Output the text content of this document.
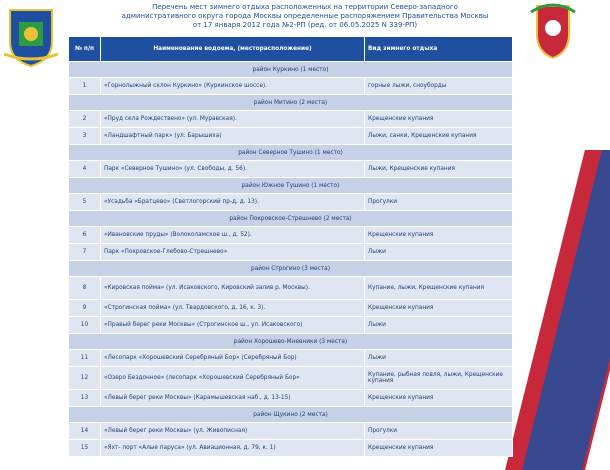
Перечень мест зимнего отдыха расположенных на территории Северо-западного
административного округа города Москвы определенные распоряжением Правительства Москвы
от 17 января 2012 года №2-РП (ред. от 06.05.2025 N 339-РП)
№ п/п	Наименование водоема, (месторасположение)	Вид зимнего отдыха
район Куркино (1 место)		
1	«Горнолыжный склон Куркино» (Куркинское шоссе).	горные лыжи, сноуборды
район Митино (2 места)		
2	«Пруд села Рождествено» (ул. Муравская).	Крещенские купания
3	«Ландшафтный парк» (ул. Барышиха)	Лыжи, санки, Крещенские купания
район Северное Тушино (1 место)		
4	Парк «Северное Тушино» (ул. Свободы, д. 56).	Лыжи, Крещенские купания
район Южное Тушино (1 место)		
5	«Усадьба «Братцево» (Светлогорский пр-д, д. 13).	Прогулки
район Покровское-Стрешнево (2 места)		
6	«Ивановские пруды» (Волоколамское ш., д. 52).	Крещенские купания
7	Парк «Покровское-Глебово-Стрешнево»	Лыжи
район Строгино (3 места)		
8	«Кировская пойма» (ул. Исаковского, Кировский залив р. Москвы).	Купание, лыжи, Крещенские купания
9	«Строгинская пойма» (ул. Твардовского, д. 16, к. 3).	Крещенские купания
10	«Правый берег реки Москвы» (Строгинское ш., ул. Исаковского)	Лыжи
район Хорошево-Мневники (3 места)		
11	«Лесопарк «Хорошевский Серебряный Бор» (Серебряный Бор)	Лыжи
12	«Озеро Бездонное» (лесопарк «Хорошевский Серебряный Бор»	Купание, рыбная ловля, лыжи, Крещенские купания
13	«Левый берег реки Москвы» (Карамышевская наб., д. 13-15)	Крещенские купания
район Щукино (2 места)		
14	«Левый берег реки Москвы» (ул. Живописная)	Прогулки
15	«Яхт- порт «Алые паруса» (ул. Авиационная, д. 79, к. 1)	Крещенские купания
